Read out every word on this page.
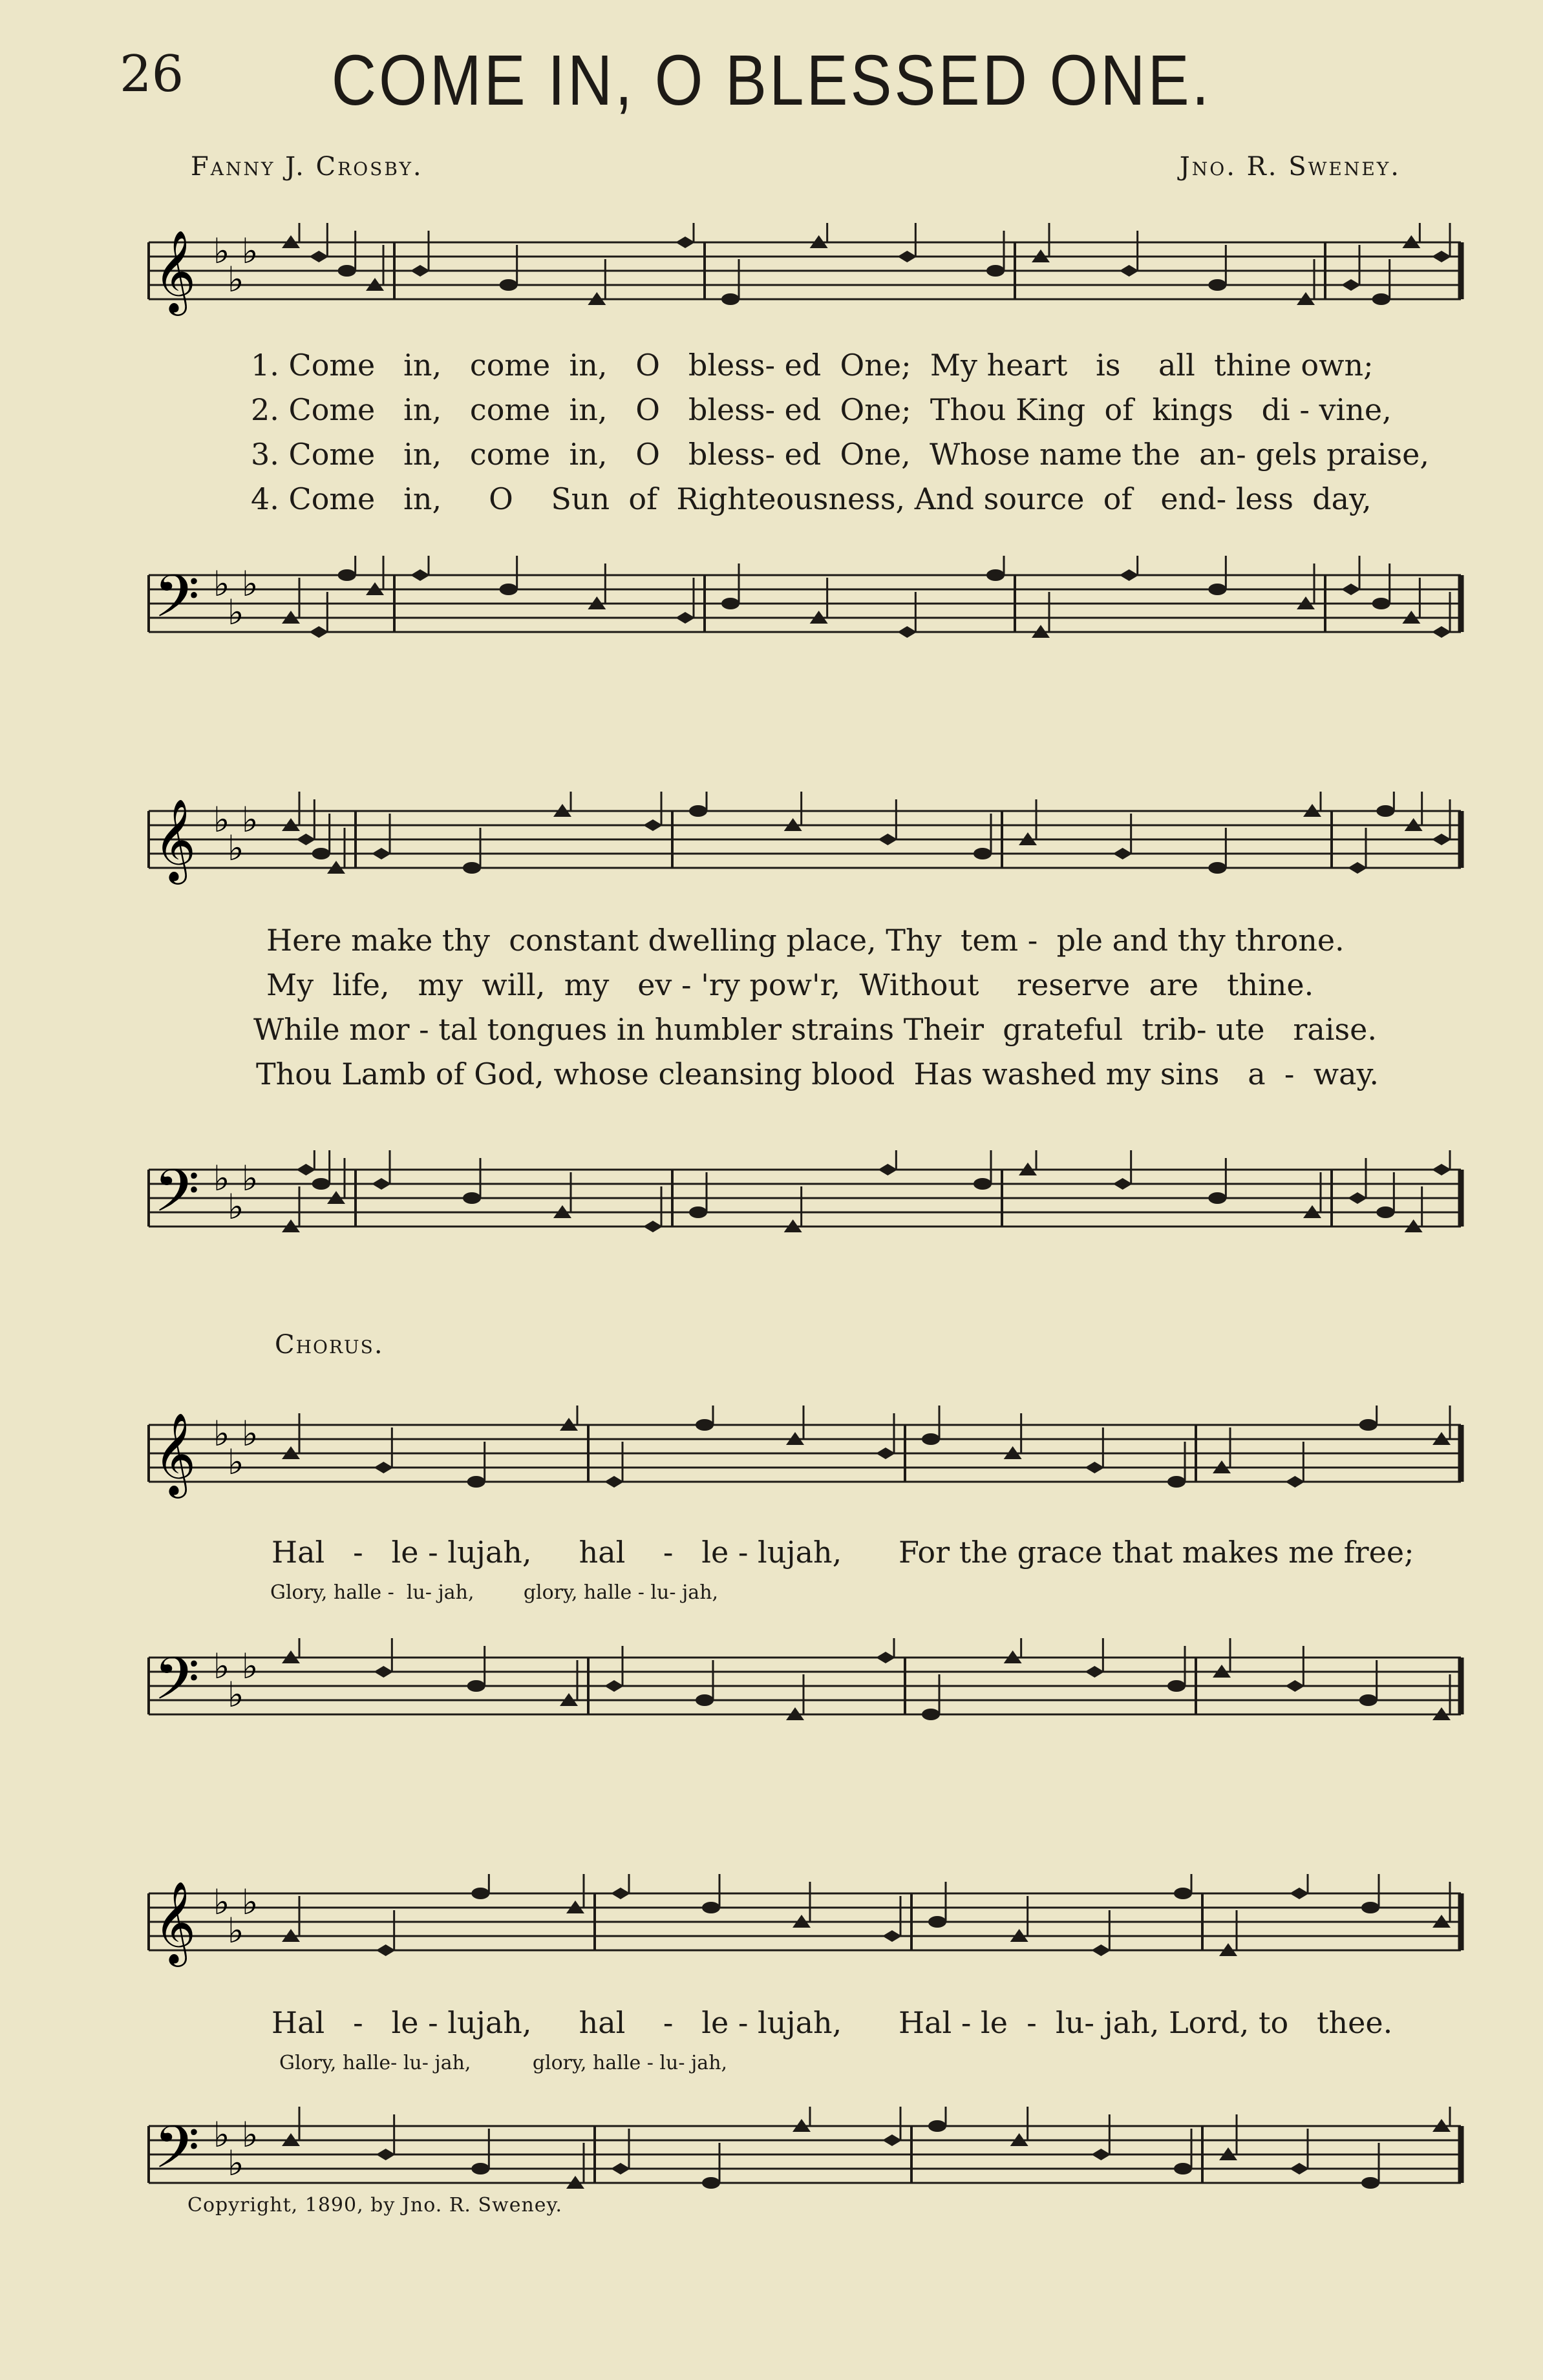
26	COME IN, O BLESSED ONE.
Fanny J. Crosby.	Jno. R. Sweney.
𝄞 ♭
♭
♭
𝄢 ♭
♭
♭
1. Come   in,   come  in,   O   bless- ed  One;  My heart   is    all  thine own;
2. Come   in,   come  in,   O   bless- ed  One;  Thou King  of  kings   di - vine,
3. Come   in,   come  in,   O   bless- ed  One,  Whose name the  an- gels praise,
4. Come   in,     O    Sun  of  Righteousness, And source  of   end- less  day,
𝄞 ♭
♭
♭
𝄢 ♭
♭
♭
Here make thy  constant dwelling place, Thy  tem -  ple and thy throne.
My  life,   my  will,  my   ev - 'ry pow'r,  Without    reserve  are   thine.
While mor - tal tongues in humbler strains Their  grateful  trib- ute   raise.
Thou Lamb of God, whose cleansing blood  Has washed my sins   a  -  way.
Chorus.
𝄞 ♭
♭
♭
𝄢 ♭
♭
♭
Hal   -   le - lujah,     hal    -   le - lujah,      For the grace that makes me free;
Glory, halle -  lu- jah,        glory, halle - lu- jah,
𝄞 ♭
♭
♭
𝄢 ♭
♭
♭
Hal   -   le - lujah,     hal    -   le - lujah,      Hal - le  -  lu- jah, Lord, to   thee.
Glory, halle- lu- jah,          glory, halle - lu- jah,
Copyright, 1890, by Jno. R. Sweney.
